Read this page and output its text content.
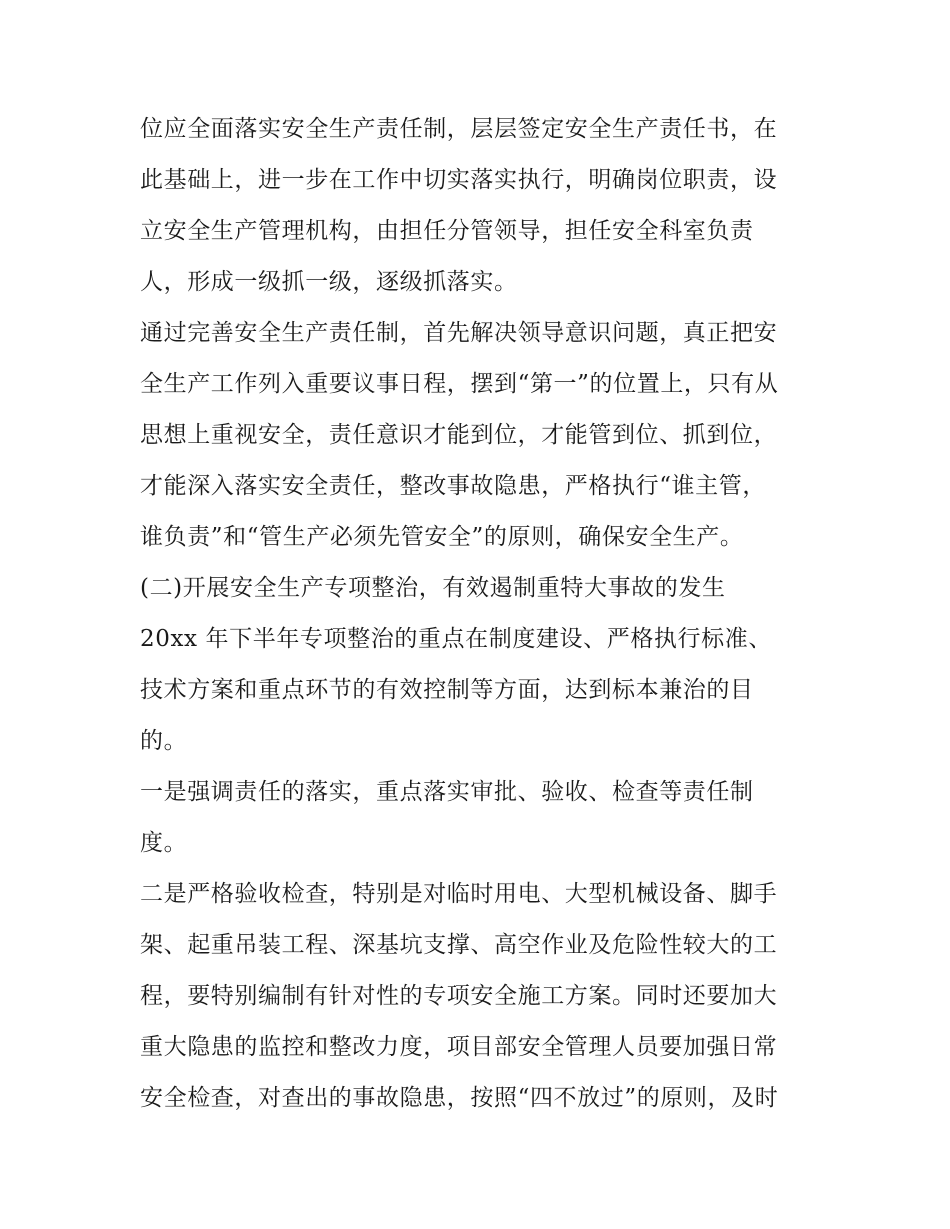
位应全面落实安全生产责任制，层层签定安全生产责任书，在
此基础上，进一步在工作中切实落实执行，明确岗位职责，设
立安全生产管理机构，由担任分管领导，担任安全科室负责
人，形成一级抓一级，逐级抓落实。
通过完善安全生产责任制，首先解决领导意识问题，真正把安
全生产工作列入重要议事日程，摆到“第一”的位置上，只有从
思想上重视安全，责任意识才能到位，才能管到位、抓到位，
才能深入落实安全责任，整改事故隐患，严格执行“谁主管，
谁负责”和“管生产必须先管安全”的原则，确保安全生产。
(二)开展安全生产专项整治，有效遏制重特大事故的发生
20xx 年下半年专项整治的重点在制度建设、严格执行标准、
技术方案和重点环节的有效控制等方面，达到标本兼治的目
的。
一是强调责任的落实，重点落实审批、验收、检查等责任制
度。
二是严格验收检查，特别是对临时用电、大型机械设备、脚手
架、起重吊装工程、深基坑支撑、高空作业及危险性较大的工
程，要特别编制有针对性的专项安全施工方案。同时还要加大
重大隐患的监控和整改力度，项目部安全管理人员要加强日常
安全检查，对查出的事故隐患，按照“四不放过”的原则，及时
